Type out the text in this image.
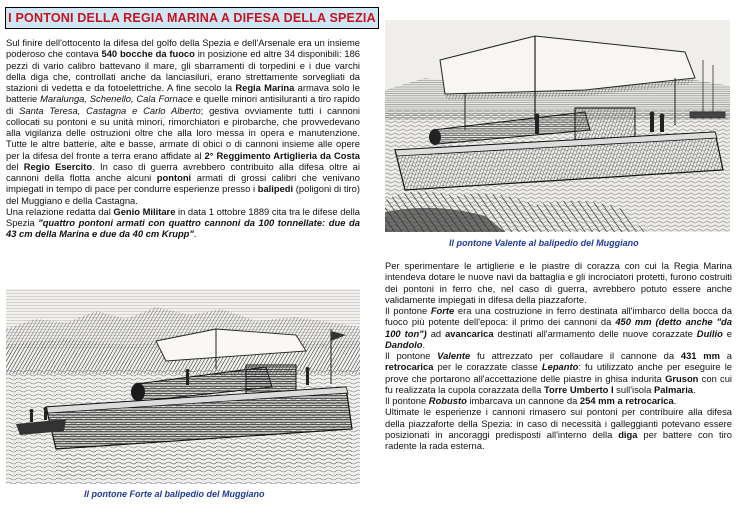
I PONTONI DELLA REGIA MARINA A DIFESA DELLA SPEZIA

Sul finire dell'ottocento la difesa del golfo della Spezia e dell'Arsenale era un insieme poderoso che contava 540 bocche da fuoco in posizione ed altre 34 disponibili: 186 pezzi di vario calibro battevano il mare, gli sbarramenti di torpedini e i due varchi della diga che, controllati anche da lanciasiluri, erano strettamente sorvegliati da stazioni di vedetta e da fotoelettriche. A fine secolo la Regia Marina armava solo le batterie Maralunga, Schenello, Cala Fornace e quelle minori antisiluranti a tiro rapido di Santa Teresa, Castagna e Carlo Alberto; gestiva ovviamente tutti i cannoni collocati su pontoni e su unità minori, rimorchiatori e pirobarche, che provvedevano alla vigilanza delle ostruzioni oltre che alla loro messa in opera e manutenzione. Tutte le altre batterie, alte e basse, armate di obici o di cannoni insieme alle opere per la difesa del fronte a terra erano affidate al 2° Reggimento Artiglieria da Costa del Regio Esercito. In caso di guerra avrebbero contribuito alla difesa oltre ai cannoni della flotta anche alcuni pontoni armati di grossi calibri che venivano impiegati in tempo di pace per condurre esperienze presso i balipedi (poligoni di tiro) del Muggiano e della Castagna.

Una relazione redatta dal Genio Militare in data 1 ottobre 1889 cita tra le difese della Spezia "quattro pontoni armati con quattro cannoni da 100 tonnellate: due da 43 cm della Marina e due da 40 cm Krupp".

Il pontone Valente al balipedio del Muggiano
Il pontone Forte al balipedio del Muggiano

Per sperimentare le artiglierie e le piastre di corazza con cui la Regia Marina intendeva dotare le nuove navi da battaglia e gli incrociatori protetti, furono costruiti dei pontoni in ferro che, nel caso di guerra, avrebbero potuto essere anche validamente impiegati in difesa della piazzaforte.

Il pontone Forte era una costruzione in ferro destinata all'imbarco della bocca da fuoco più potente dell'epoca: il primo dei cannoni da 450 mm (detto anche "da 100 ton") ad avancarica destinati all'armamento delle nuove corazzate Duilio e Dandolo.

Il pontone Valente fu attrezzato per collaudare il cannone da 431 mm a retrocarica per le corazzate classe Lepanto: fu utilizzato anche per eseguire le prove che portarono all'accettazione delle piastre in ghisa indurita Gruson con cui fu realizzata la cupola corazzata della Torre Umberto I sull'isola Palmaria.

Il pontone Robusto imbarcava un cannone da 254 mm a retrocarica.

Ultimate le esperienze i cannoni rimasero sui pontoni per contribuire alla difesa della piazzaforte della Spezia: in caso di necessità i galleggianti potevano essere posizionati in ancoraggi predisposti all'interno della diga per battere con tiro radente la rada esterna.
